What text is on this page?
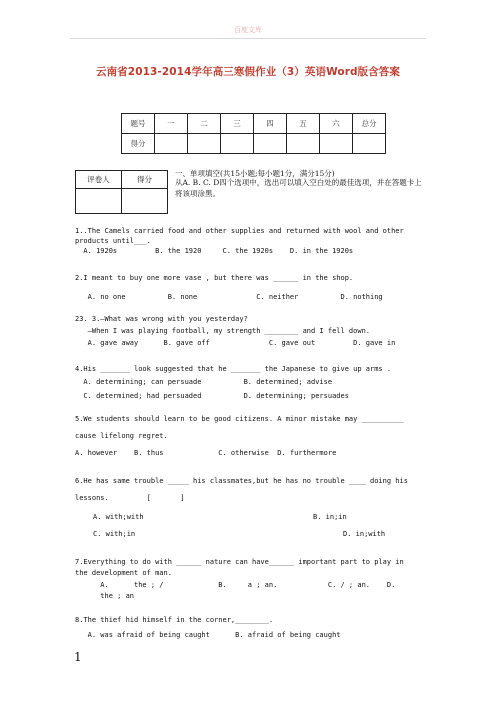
百度文库
云南省2013-2014学年高三寒假作业（3）英语Word版含答案
题号	一	二	三	四	五	六	总分
得分							
评卷人	得分

一、单项填空(共15小题;每小题1分，满分15分)
从A. B. C. D四个选项中，选出可以填入空白处的最佳选项，并在答题卡上将该项涂黑。
1..The Camels carried food and other supplies and returned with wool and other
products until___.
A. 1920s         B. the 1920     C. the 1920s    D. in the 1920s
2.I meant to buy one more vase , but there was ______ in the shop.
A. no one          B. none              C. neither          D. nothing
23. 3.—What was wrong with you yesterday?
—When I was playing football, my strength ________ and I fell down.
A. gave away      B. gave off              C. gave out         D. gave in
4.His _______ look suggested that he _______ the Japanese to give up arms .
A. determining; can persuade          B. determined; advise
C. determined; had persuaded          D. determining; persuades
5.We students should learn to be good citizens. A minor mistake may __________
cause lifelong regret.
A. however    B. thus             C. otherwise  D. furthermore
6.He has same trouble _____ his classmates,but he has no trouble ____ doing his
lessons.         [       ]
A. with;with	B. in;in
C. with;in	D. in;with
7.Everything to do with ______ nature can have______ important part to play in
the development of man.
A.      the ; /             B.     a ; an.            C. / ; an.    D.
the ; an
8.The thief hid himself in the corner,________.
A. was afraid of being caught      B. afraid of being caught
1
